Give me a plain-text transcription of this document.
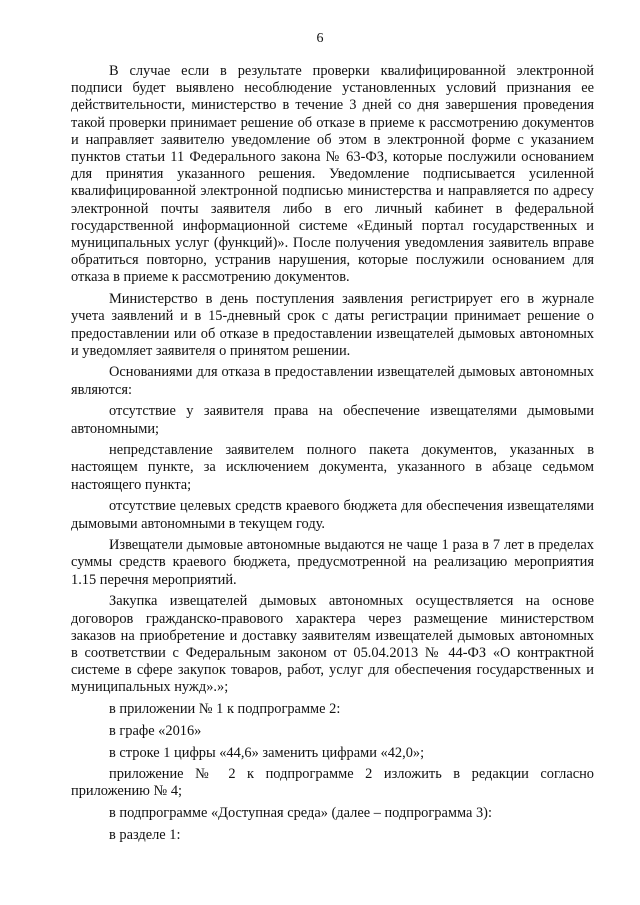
6

В случае если в результате проверки квалифицированной электронной подписи будет выявлено несоблюдение установленных условий признания ее действительности, министерство в течение 3 дней со дня завершения проведения такой проверки принимает решение об отказе в приеме к рассмотрению документов и направляет заявителю уведомление об этом в электронной форме с указанием пунктов статьи 11 Федерального закона № 63-ФЗ, которые послужили основанием для принятия указанного решения. Уведомление подписывается усиленной квалифицированной электронной подписью министерства и направляется по адресу электронной почты заявителя либо в его личный кабинет в федеральной государственной информационной системе «Единый портал государственных и муниципальных услуг (функций)». После получения уведомления заявитель вправе обратиться повторно, устранив нарушения, которые послужили основанием для отказа в приеме к рассмотрению документов.

Министерство в день поступления заявления регистрирует его в журнале учета заявлений и в 15-дневный срок с даты регистрации принимает решение о предоставлении или об отказе в предоставлении извещателей дымовых автономных и уведомляет заявителя о принятом решении.

Основаниями для отказа в предоставлении извещателей дымовых автономных являются:

отсутствие у заявителя права на обеспечение извещателями дымовыми автономными;

непредставление заявителем полного пакета документов, указанных в настоящем пункте, за исключением документа, указанного в абзаце седьмом настоящего пункта;

отсутствие целевых средств краевого бюджета для обеспечения извещателями дымовыми автономными в текущем году.

Извещатели дымовые автономные выдаются не чаще 1 раза в 7 лет в пределах суммы средств краевого бюджета, предусмотренной на реализацию мероприятия 1.15 перечня мероприятий.

Закупка извещателей дымовых автономных осуществляется на основе договоров гражданско-правового характера через размещение министерством заказов на приобретение и доставку заявителям извещателей дымовых автономных в соответствии с Федеральным законом от 05.04.2013 № 44-ФЗ «О контрактной системе в сфере закупок товаров, работ, услуг для обеспечения государственных и муниципальных нужд».»;

в приложении № 1 к подпрограмме 2:

в графе «2016»

в строке 1 цифры «44,6» заменить цифрами «42,0»;

приложение № 2 к подпрограмме 2 изложить в редакции согласно приложению № 4;

в подпрограмме «Доступная среда» (далее – подпрограмма 3):

в разделе 1:
